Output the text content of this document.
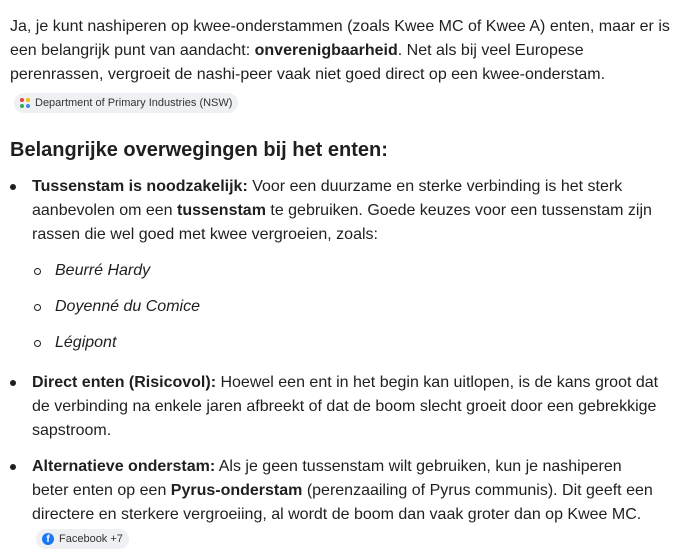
Ja, je kunt nashiperen op kwee-onderstammen (zoals Kwee MC of Kwee A) enten, maar er is een belangrijk punt van aandacht: onverenigbaarheid. Net als bij veel Europese perenrassen, vergroeit de nashi-peer vaak niet goed direct op een kwee-onderstam.
Department of Primary Industries (NSW)

Belangrijke overwegingen bij het enten:

Tussenstam is noodzakelijk: Voor een duurzame en sterke verbinding is het sterk aanbevolen om een tussenstam te gebruiken. Goede keuzes voor een tussenstam zijn rassen die wel goed met kwee vergroeien, zoals:

Beurré Hardy
Doyenné du Comice
Légipont

Direct enten (Risicovol): Hoewel een ent in het begin kan uitlopen, is de kans groot dat de verbinding na enkele jaren afbreekt of dat de boom slecht groeit door een gebrekkige sapstroom.

Alternatieve onderstam: Als je geen tussenstam wilt gebruiken, kun je nashiperen beter enten op een Pyrus-onderstam (perenzaailing of Pyrus communis). Dit geeft een directere en sterkere vergroeiing, al wordt de boom dan vaak groter dan op Kwee MC.
f Facebook +7
